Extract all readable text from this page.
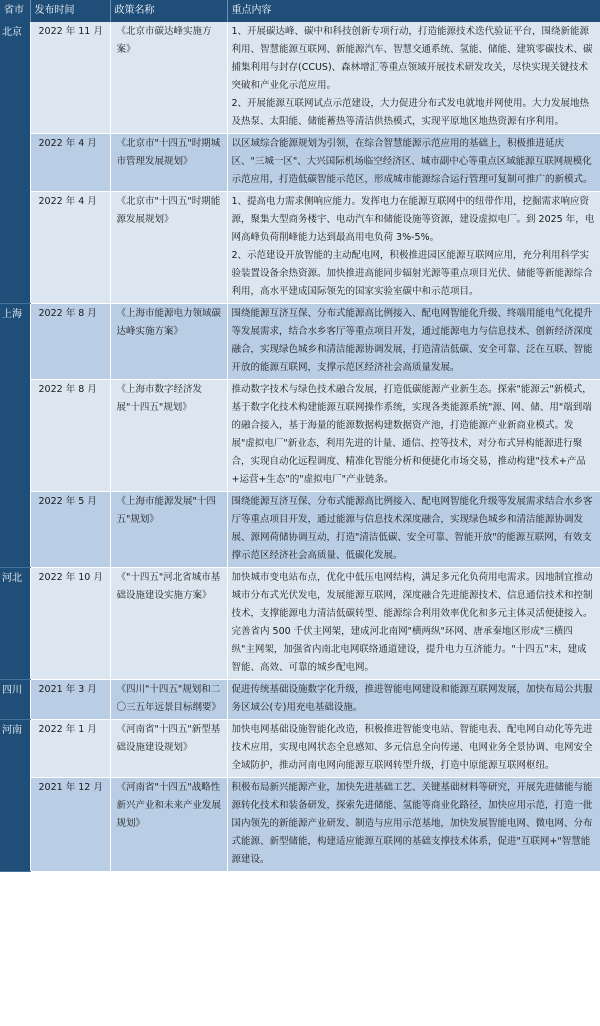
省市	发布时间	政策名称	重点内容
北京	2022 年 11 月	《北京市碳达峰实施方案》	1、开展碳达峰、碳中和科技创新专项行动，打造能源技术迭代验证平台，围绕新能源利用、智慧能源互联网、新能源汽车、智慧交通系统、氢能、储能、建筑零碳技术、碳捕集利用与封存(CCUS)、森林增汇等重点领域开展技术研发攻关，尽快实现关键技术突破和产业化示范应用。
2、开展能源互联网试点示范建设，大力促进分布式发电就地并网使用。大力发展地热及热泵、太阳能、储能蓄热等清洁供热模式，实现平原地区地热资源有序利用。

	2022 年 4 月	《北京市"十四五"时期城市管理发展规划》	以区域综合能源规划为引领，在综合智慧能源示范应用的基础上，积极推进延庆区、"三城一区"、大兴国际机场临空经济区、城市副中心等重点区域能源互联网规模化示范应用，打造低碳智能示范区，形成城市能源综合运行管理可复制可推广的新模式。

	2022 年 4 月	《北京市"十四五"时期能源发展规划》	1、提高电力需求侧响应能力。发挥电力在能源互联网中的纽带作用，挖掘需求响应资源，聚集大型商务楼宇、电动汽车和储能设施等资源，建设虚拟电厂。到 2025 年，电网高峰负荷削峰能力达到最高用电负荷 3%-5%。
2、示范建设开放智能的主动配电网，积极推进园区能源互联网应用，充分利用科学实验装置设备余热资源。加快推进高能同步辐射光源等重点项目光伏、储能等新能源综合利用，高水平建成国际领先的国家实验室碳中和示范项目。

上海	2022 年 8 月	《上海市能源电力领域碳达峰实施方案》	围绕能源互济互保、分布式能源高比例接入、配电网智能化升级、终端用能电气化提升等发展需求，结合水乡客厅等重点项目开发，通过能源电力与信息技术、创新经济深度融合，实现绿色城乡和清洁能源协调发展，打造清洁低碳、安全可靠、泛在互联、智能开放的能源互联网，支撑示范区经济社会高质量发展。

	2022 年 8 月	《上海市数字经济发展"十四五"规划》	推动数字技术与绿色技术融合发展，打造低碳能源产业新生态。探索"能源云"新模式，基于数字化技术构建能源互联网操作系统，实现各类能源系统"源、网、储、用"端到端的融合接入，基于海量的能源数据构建数据资产池，打造能源产业新商业模式。发展"虚拟电厂"新业态，利用先进的计量、通信、控等技术，对分布式异构能源进行聚合，实现自动化远程调度、精准化智能分析和便捷化市场交易，推动构建"技术+产品+运营+生态"的"虚拟电厂"产业链条。

	2022 年 5 月	《上海市能源发展"十四五"规划》	围绕能源互济互保、分布式能源高比例接入、配电网智能化升级等发展需求结合水乡客厅等重点项目开发，通过能源与信息技术深度融合，实现绿色城乡和清洁能源协调发展、源网荷储协调互动，打造"清洁低碳、安全可靠、智能开放"的能源互联网，有效支撑示范区经济社会高质量、低碳化发展。

河北	2022 年 10 月	《"十四五"河北省城市基础设施建设实施方案》	加快城市变电站布点，优化中低压电网结构，满足多元化负荷用电需求。因地制宜推动城市分布式光伏发电，发展能源互联网，深度融合先进能源技术、信息通信技术和控制技术，支撑能源电力清洁低碳转型、能源综合利用效率优化和多元主体灵活便捷接入。完善省内 500 千伏主网架，建成河北南网"横两纵"环网、唐承秦地区形成"三横四纵"主网架，加强省内南北电网联络通道建设，提升电力互济能力。"十四五"末，建成智能、高效、可靠的城乡配电网。

四川	2021 年 3 月	《四川"十四五"规划和二〇三五年远景目标纲要》	促进传统基础设施数字化升级，推进智能电网建设和能源互联网发展，加快布局公共服务区域公(专)用充电基础设施。

河南	2022 年 1 月	《河南省"十四五"新型基础设施建设规划》	加快电网基础设施智能化改造，积极推进智能变电站、智能电表、配电网自动化等先进技术应用，实现电网状态全息感知、多元信息全向传递、电网业务全景协调、电网安全全域防护，推动河南电网向能源互联网转型升级，打造中原能源互联网枢纽。

	2021 年 12 月	《河南省"十四五"战略性新兴产业和未来产业发展规划》	积极布局新兴能源产业，加快先进基础工艺、关键基础材料等研究，开展先进储能与能源转化技术和装备研发，探索先进储能、氢能等商业化路径，加快应用示范，打造一批国内领先的新能源产业研发、制造与应用示范基地，加快发展智能电网、微电网、分布式能源、新型储能，构建适应能源互联网的基础支撑技术体系，促进"互联网+"智慧能源建设。
